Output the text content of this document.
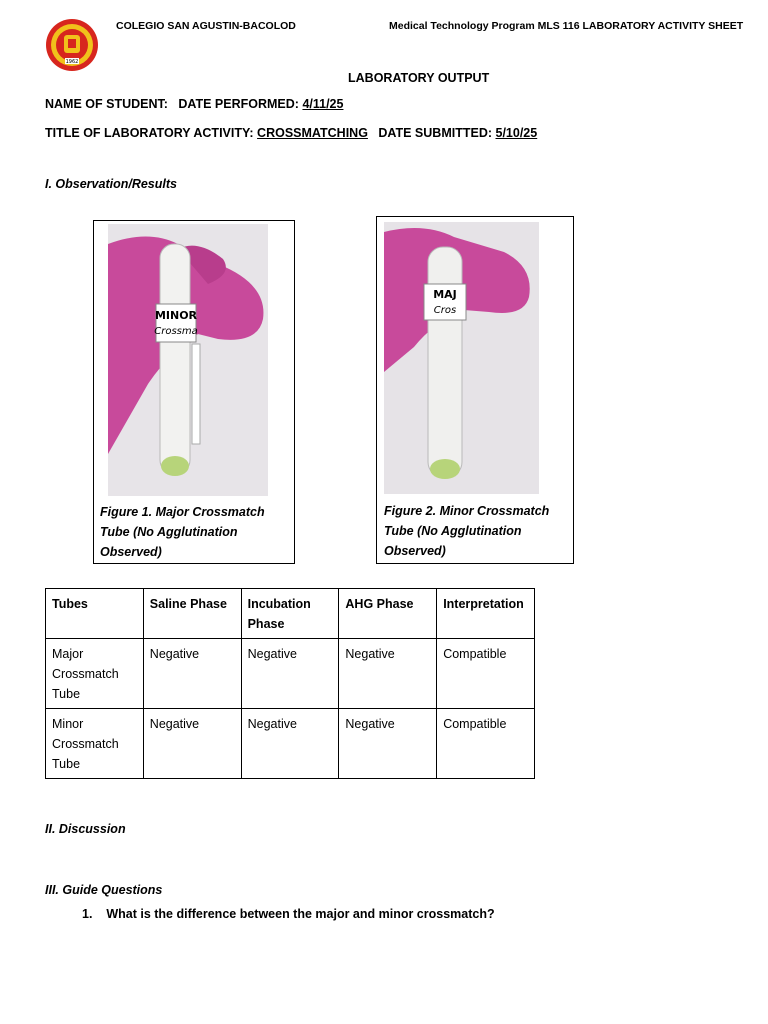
1962
COLEGIO SAN AGUSTIN-BACOLOD	Medical Technology Program MLS 116 LABORATORY ACTIVITY SHEET
LABORATORY OUTPUT
NAME OF STUDENT: DATE PERFORMED: 4/11/25
TITLE OF LABORATORY ACTIVITY: CROSSMATCHING DATE SUBMITTED: 5/10/25
I. Observation/Results
MINOR
Crossma
Figure 1. Major Crossmatch
Tube (No Agglutination
Observed)
MAJ
Cros
Figure 2. Minor Crossmatch
Tube (No Agglutination
Observed)
Tubes	Saline Phase	Incubation Phase	AHG Phase	Interpretation
Major Crossmatch Tube	Negative	Negative	Negative	Compatible
Minor Crossmatch Tube	Negative	Negative	Negative	Compatible
II. Discussion
III. Guide Questions
1. What is the difference between the major and minor crossmatch?
